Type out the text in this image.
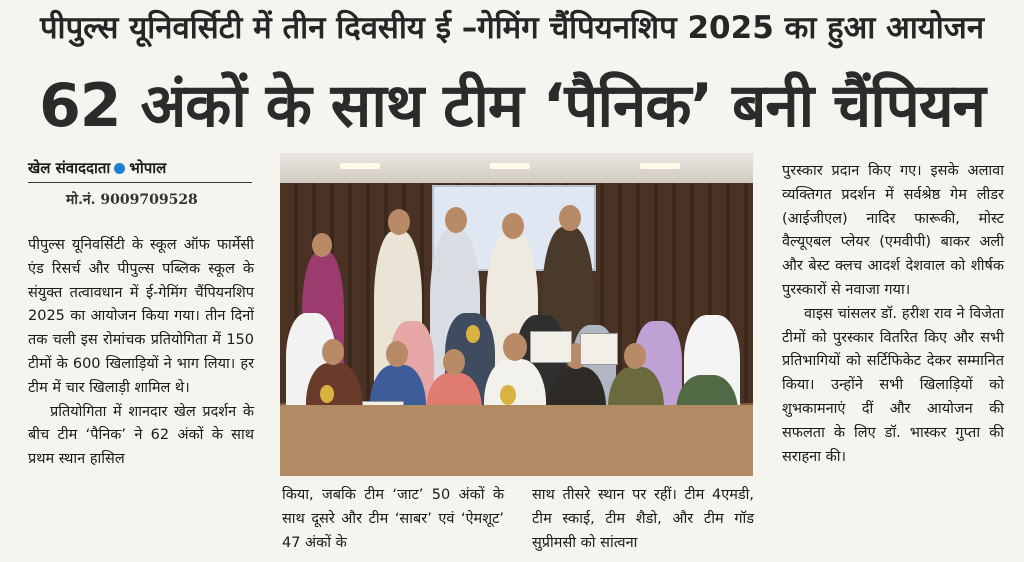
पीपुल्स यूनिवर्सिटी में तीन दिवसीय ई –गेमिंग चैंपियनशिप 2025 का हुआ आयोजन
62 अंकों के साथ टीम ‘पैनिक’ बनी चैंपियन
खेल संवाददाता भोपाल
मो.नं. 9009709528

पीपुल्स यूनिवर्सिटी के स्कूल ऑफ फार्मेसी एंड रिसर्च और पीपुल्स पब्लिक स्कूल के संयुक्त तत्वावधान में ई-गेमिंग चैंपियनशिप 2025 का आयोजन किया गया। तीन दिनों तक चली इस रोमांचक प्रतियोगिता में 150 टीमों के 600 खिलाड़ियों ने भाग लिया। हर टीम में चार खिलाड़ी शामिल थे।

प्रतियोगिता में शानदार खेल प्रदर्शन के बीच टीम ‘पैनिक’ ने 62 अंकों के साथ प्रथम स्थान हासिल

किया, जबकि टीम ‘जाट’ 50 अंकों के साथ दूसरे और टीम ‘साबर’ एवं ‘ऐमशूट’ 47 अंकों के

साथ तीसरे स्थान पर रहीं। टीम 4एमडी, टीम स्काई, टीम शैडो, और टीम गॉड सुप्रीमसी को सांत्वना

पुरस्कार प्रदान किए गए। इसके अलावा व्यक्तिगत प्रदर्शन में सर्वश्रेष्ठ गेम लीडर (आईजीएल) नादिर फारूकी, मोस्ट वैल्यूएबल प्लेयर (एमवीपी) बाकर अली और बेस्ट क्लच आदर्श देशवाल को शीर्षक पुरस्कारों से नवाजा गया।

वाइस चांसलर डॉ. हरीश राव ने विजेता टीमों को पुरस्कार वितरित किए और सभी प्रतिभागियों को सर्टिफिकेट देकर सम्मानित किया। उन्होंने सभी खिलाड़ियों को शुभकामनाएं दीं और आयोजन की सफलता के लिए डॉ. भास्कर गुप्ता की सराहना की।
